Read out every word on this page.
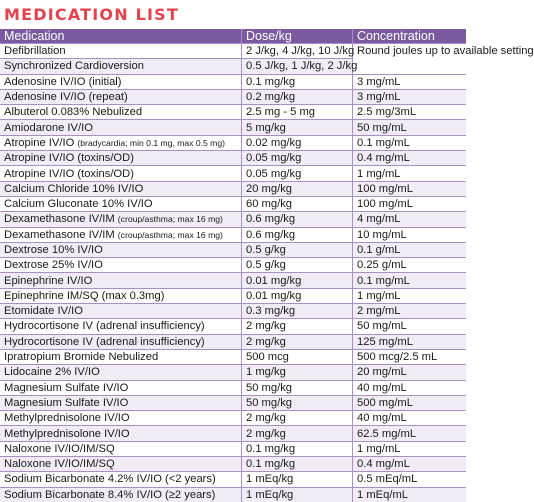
MEDICATION LIST
Medication	Dose/kg	Concentration
Defibrillation	2 J/kg, 4 J/kg, 10 J/kg	Round joules up to available setting
Synchronized Cardioversion	0.5 J/kg, 1 J/kg, 2 J/kg	
Adenosine IV/IO (initial)	0.1 mg/kg	3 mg/mL
Adenosine IV/IO (repeat)	0.2 mg/kg	3 mg/mL
Albuterol 0.083% Nebulized	2.5 mg - 5 mg	2.5 mg/3mL
Amiodarone IV/IO	5 mg/kg	50 mg/mL
Atropine IV/IO (bradycardia; min 0.1 mg, max 0.5 mg)	0.02 mg/kg	0.1 mg/mL
Atropine IV/IO (toxins/OD)	0.05 mg/kg	0.4 mg/mL
Atropine IV/IO (toxins/OD)	0.05 mg/kg	1 mg/mL
Calcium Chloride 10% IV/IO	20 mg/kg	100 mg/mL
Calcium Gluconate 10% IV/IO	60 mg/kg	100 mg/mL
Dexamethasone IV/IM (croup/asthma; max 16 mg)	0.6 mg/kg	4 mg/mL
Dexamethasone IV/IM (croup/asthma; max 16 mg)	0.6 mg/kg	10 mg/mL
Dextrose 10% IV/IO	0.5 g/kg	0.1 g/mL
Dextrose 25% IV/IO	0.5 g/kg	0.25 g/mL
Epinephrine IV/IO	0.01 mg/kg	0.1 mg/mL
Epinephrine IM/SQ (max 0.3mg)	0.01 mg/kg	1 mg/mL
Etomidate IV/IO	0.3 mg/kg	2 mg/mL
Hydrocortisone IV (adrenal insufficiency)	2 mg/kg	50 mg/mL
Hydrocortisone IV (adrenal insufficiency)	2 mg/kg	125 mg/mL
Ipratropium Bromide Nebulized	500 mcg	500 mcg/2.5 mL
Lidocaine 2% IV/IO	1 mg/kg	20 mg/mL
Magnesium Sulfate IV/IO	50 mg/kg	40 mg/mL
Magnesium Sulfate IV/IO	50 mg/kg	500 mg/mL
Methylprednisolone IV/IO	2 mg/kg	40 mg/mL
Methylprednisolone IV/IO	2 mg/kg	62.5 mg/mL
Naloxone IV/IO/IM/SQ	0.1 mg/kg	1 mg/mL
Naloxone IV/IO/IM/SQ	0.1 mg/kg	0.4 mg/mL
Sodium Bicarbonate 4.2% IV/IO (<2 years)	1 mEq/kg	0.5 mEq/mL
Sodium Bicarbonate 8.4% IV/IO (≥2 years)	1 mEq/kg	1 mEq/mL
